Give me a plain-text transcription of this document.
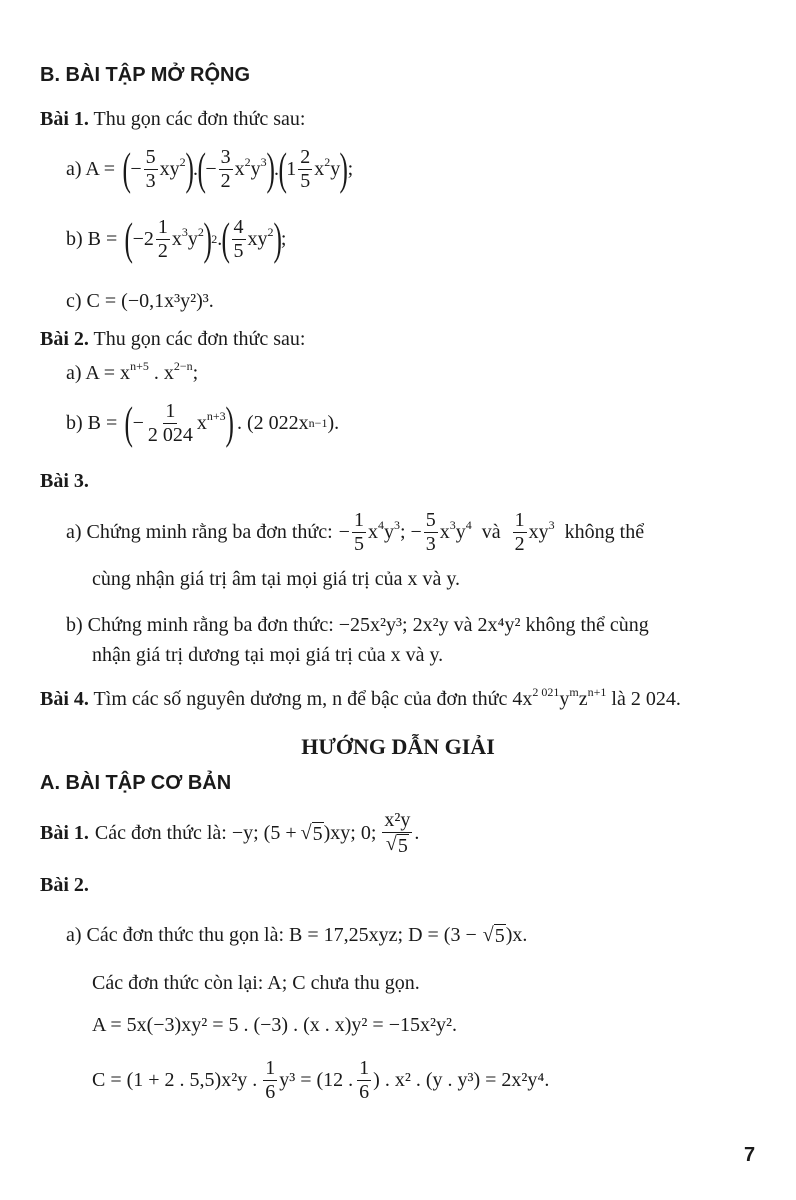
B. BÀI TẬP MỞ RỘNG
Bài 1. Thu gọn các đơn thức sau:
a) A = ( − $\frac{5}{3} xy^2$ ) . ( − $\frac{3}{2} x^2y^3$ ) . ( $1 \frac{2}{5} x^2y$ ) ;
b) B = ( $-2 \frac{1}{2} x^3y^2$ ) 2 . ( $\frac{4}{5} xy^2$ ) ;
c) C = (−0,1x³y²)³.
Bài 2. Thu gọn các đơn thức sau:
a) $A = x^{n+5}$ . $x^{2-n}$;
b) B = ( − $\frac{1}{2 024} x^{n+3}$ ) . (2 022x n−1 ).
Bài 3.
a) Chứng minh rằng ba đơn thức: − $\frac{1}{5} x^4y^3$; − $\frac{5}{3} x^3y^4$ và $\frac{1}{2} xy^3$ không thể
cùng nhận giá trị âm tại mọi giá trị của x và y.
b) Chứng minh rằng ba đơn thức: −25x²y³; 2x²y và 2x⁴y² không thể cùng
nhận giá trị dương tại mọi giá trị của x và y.
Bài 4. Tìm các số nguyên dương m, n để bậc của đơn thức $4x^{2 021}y^mz^{n+1}$ là 2 024.
HƯỚNG DẪN GIẢI
A. BÀI TẬP CƠ BẢN
Bài 1. Các đơn thức là: −y; (5 + √ 5 )xy; 0; $\frac{\text{x²y}}{√ 5}$ .
Bài 2.
a) Các đơn thức thu gọn là: B = 17,25xyz; D = (3 − √ 5 )x.
Các đơn thức còn lại: A; C chưa thu gọn.
A = 5x(−3)xy² = 5 . (−3) . (x . x)y² = −15x²y².
C = (1 + 2 . 5,5)x²y . $\frac{1}{6} y^3 = (12$ . $\frac{1}{6}$ ) . x² . (y . y³) = 2x²y⁴.
7
